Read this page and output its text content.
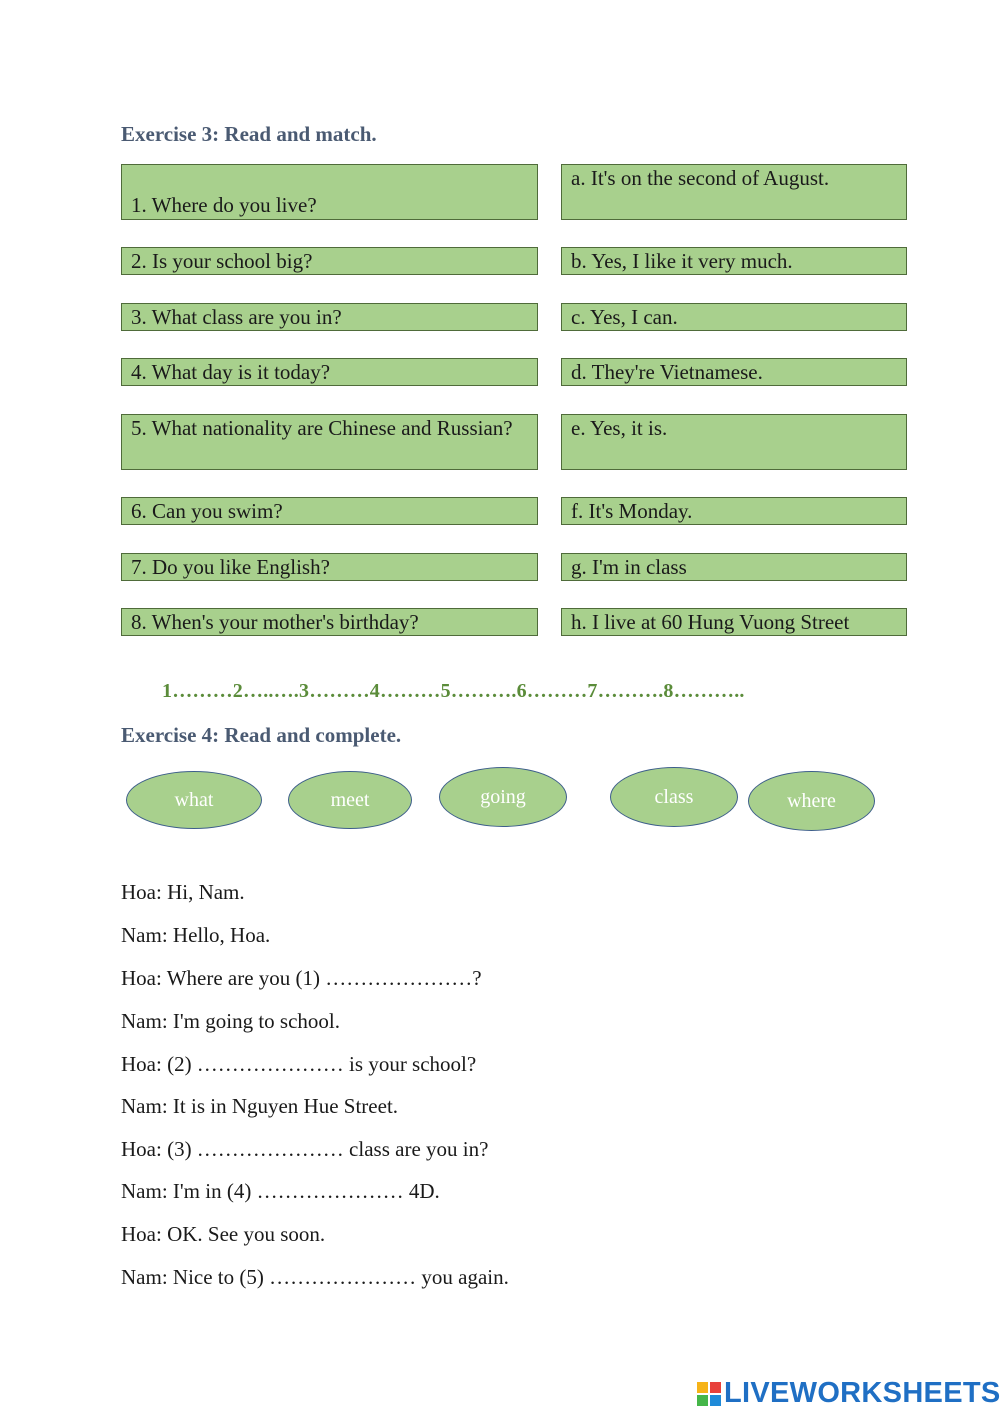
Exercise 3: Read and match.
1. Where do you live?
2. Is your school big?
3. What class are you in?
4. What day is it today?
5. What nationality are Chinese and Russian?
6. Can you swim?
7. Do you like English?
8. When's your mother's birthday?
a. It's on the second of August.
b. Yes, I like it very much.
c. Yes, I can.
d. They're Vietnamese.
e. Yes, it is.
f. It's Monday.
g. I'm in class
h. I live at 60 Hung Vuong Street
1………2…..….3………4………5……….6………7……….8………..
Exercise 4: Read and complete.
what	meet	going	class	where
Hoa: Hi, Nam.
Nam: Hello, Hoa.
Hoa: Where are you (1) …………………?
Nam: I'm going to school.
Hoa: (2) ………………… is your school?
Nam: It is in Nguyen Hue Street.
Hoa: (3) ………………… class are you in?
Nam: I'm in (4) ………………… 4D.
Hoa: OK. See you soon.
Nam: Nice to (5) ………………… you again.
LIVEWORKSHEETS
